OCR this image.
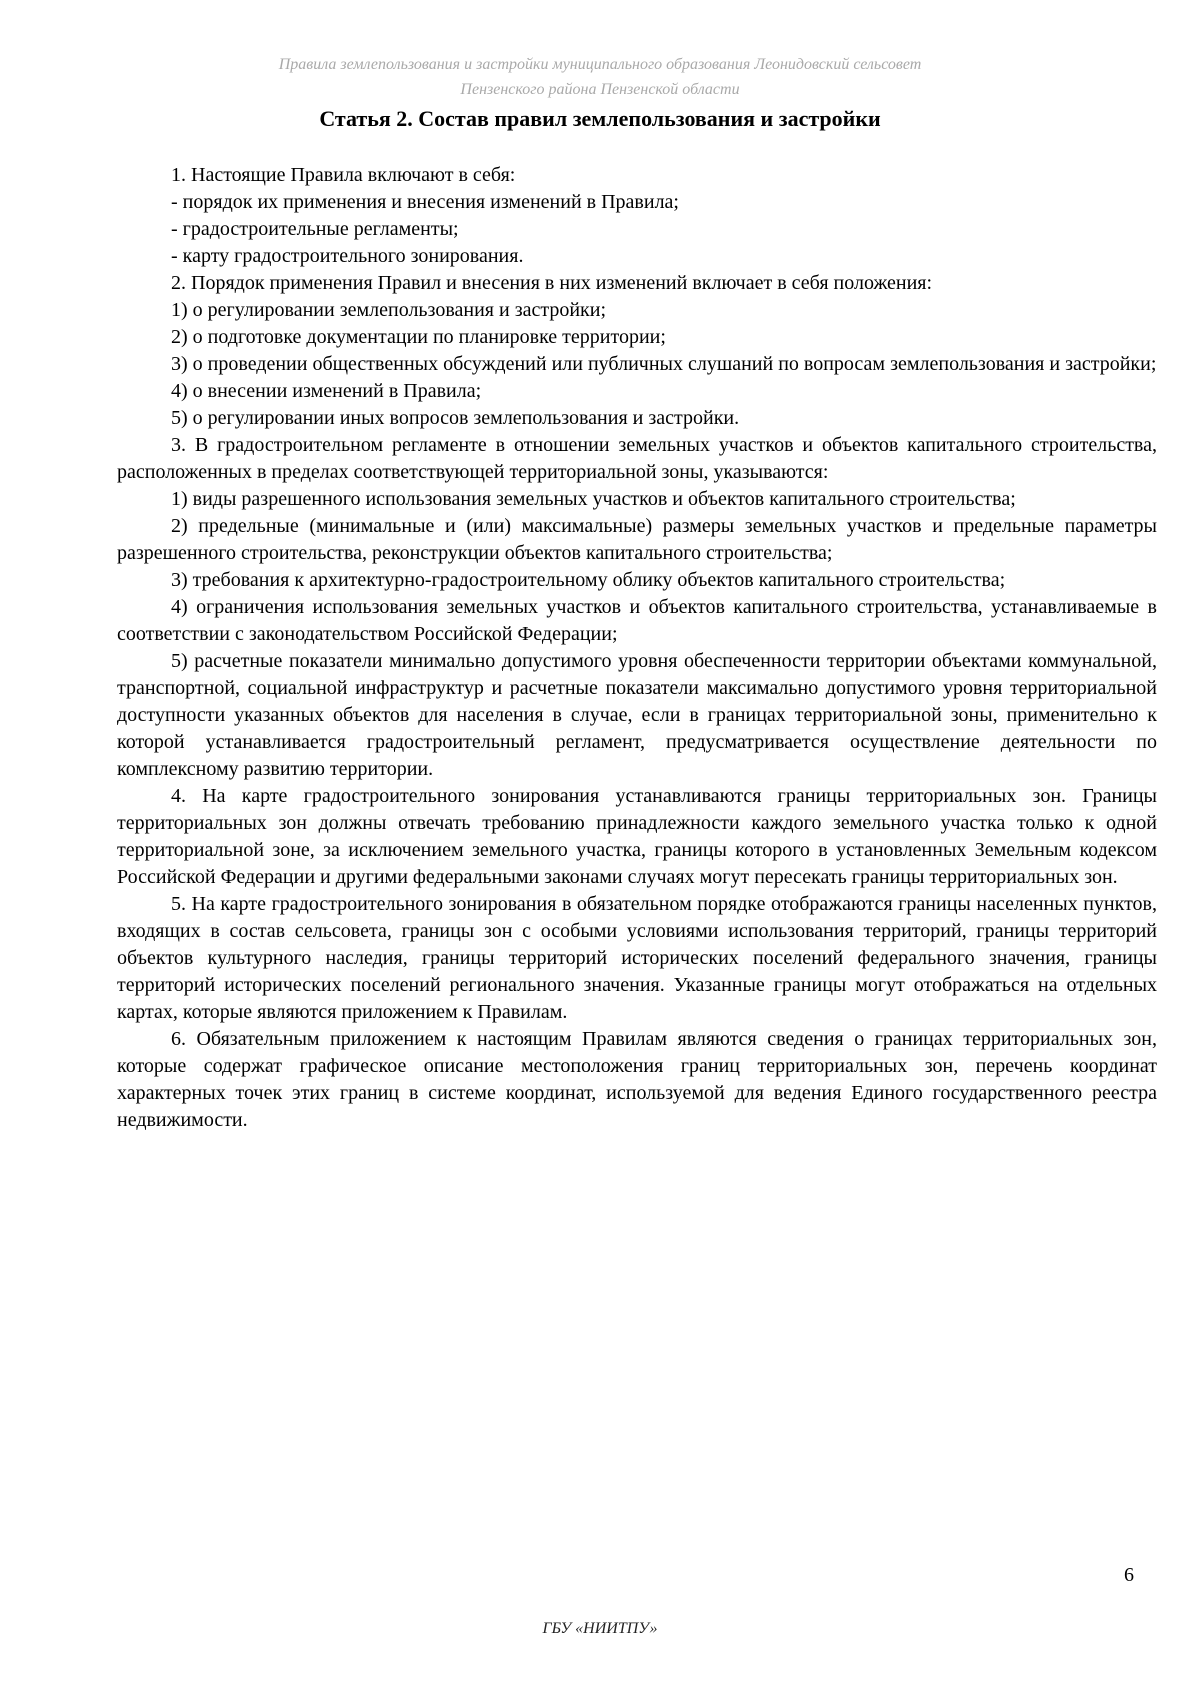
Правила землепользования и застройки муниципального образования Леонидовский сельсовет
Пензенского района Пензенской области
Статья 2. Состав правил землепользования и застройки

1. Настоящие Правила включают в себя:

- порядок их применения и внесения изменений в Правила;

- градостроительные регламенты;

- карту градостроительного зонирования.

2. Порядок применения Правил и внесения в них изменений включает в себя положения:

1) о регулировании землепользования и застройки;

2) о подготовке документации по планировке территории;

3) о проведении общественных обсуждений или публичных слушаний по вопросам землепользования и застройки;

4) о внесении изменений в Правила;

5) о регулировании иных вопросов землепользования и застройки.

3. В градостроительном регламенте в отношении земельных участков и объектов капитального строительства, расположенных в пределах соответствующей территориальной зоны, указываются:

1) виды разрешенного использования земельных участков и объектов капитального строительства;

2) предельные (минимальные и (или) максимальные) размеры земельных участков и предельные параметры разрешенного строительства, реконструкции объектов капитального строительства;

3) требования к архитектурно-градостроительному облику объектов капитального строительства;

4) ограничения использования земельных участков и объектов капитального строительства, устанавливаемые в соответствии с законодательством Российской Федерации;

5) расчетные показатели минимально допустимого уровня обеспеченности территории объектами коммунальной, транспортной, социальной инфраструктур и расчетные показатели максимально допустимого уровня территориальной доступности указанных объектов для населения в случае, если в границах территориальной зоны, применительно к которой устанавливается градостроительный регламент, предусматривается осуществление деятельности по комплексному развитию территории.

4. На карте градостроительного зонирования устанавливаются границы территориальных зон. Границы территориальных зон должны отвечать требованию принадлежности каждого земельного участка только к одной территориальной зоне, за исключением земельного участка, границы которого в установленных Земельным кодексом Российской Федерации и другими федеральными законами случаях могут пересекать границы территориальных зон.

5. На карте градостроительного зонирования в обязательном порядке отображаются границы населенных пунктов, входящих в состав сельсовета, границы зон с особыми условиями использования территорий, границы территорий объектов культурного наследия, границы территорий исторических поселений федерального значения, границы территорий исторических поселений регионального значения. Указанные границы могут отображаться на отдельных картах, которые являются приложением к Правилам.

6. Обязательным приложением к настоящим Правилам являются сведения о границах территориальных зон, которые содержат графическое описание местоположения границ территориальных зон, перечень координат характерных точек этих границ в системе координат, используемой для ведения Единого государственного реестра недвижимости.

6
ГБУ «НИИТПУ»
